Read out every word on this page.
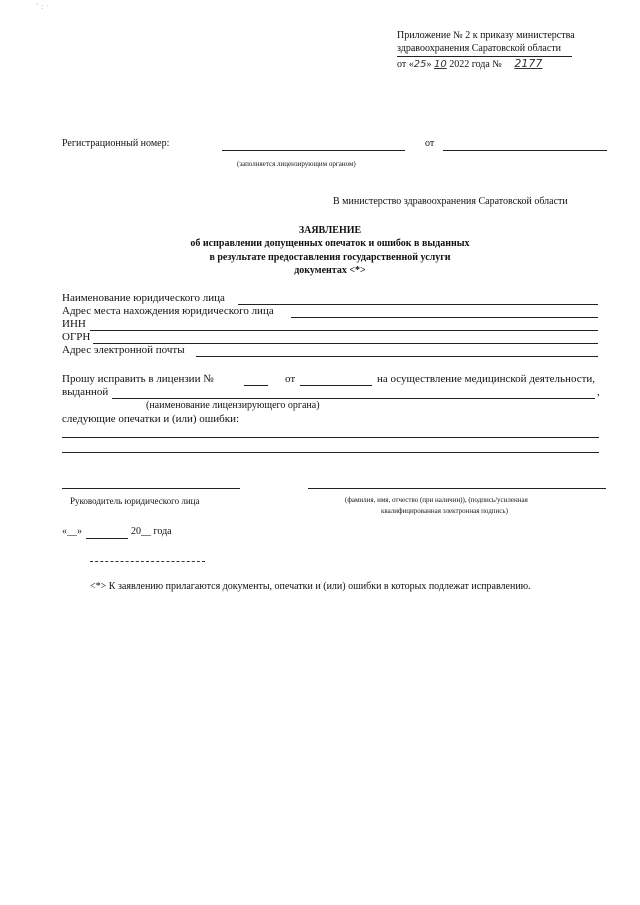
' : ·
Приложение № 2 к приказу министерства
здравоохранения Саратовской области
от «25» 10 2022 года № 2177
Регистрационный номер:	от
(заполняется лицензирующим органом)
В министерство здравоохранения Саратовской области
ЗАЯВЛЕНИЕ
об исправлении допущенных опечаток и ошибок в выданных
в результате предоставления государственной услуги
документах <*>
Наименование юридического лица
Адрес места нахождения юридического лица
ИНН
ОГРН
Адрес электронной почты
Прошу исправить в лицензии №	от	на осуществление медицинской деятельности,
выданной	,
(наименование лицензирующего органа)
следующие опечатки и (или) ошибки:
Руководитель юридического лица	(фамилия, имя, отчество (при наличии)), (подпись/усиленная
квалифицированная электронная подпись)
«__»	20__ года
<*> К заявлению прилагаются документы, опечатки и (или) ошибки в которых подлежат исправлению.
